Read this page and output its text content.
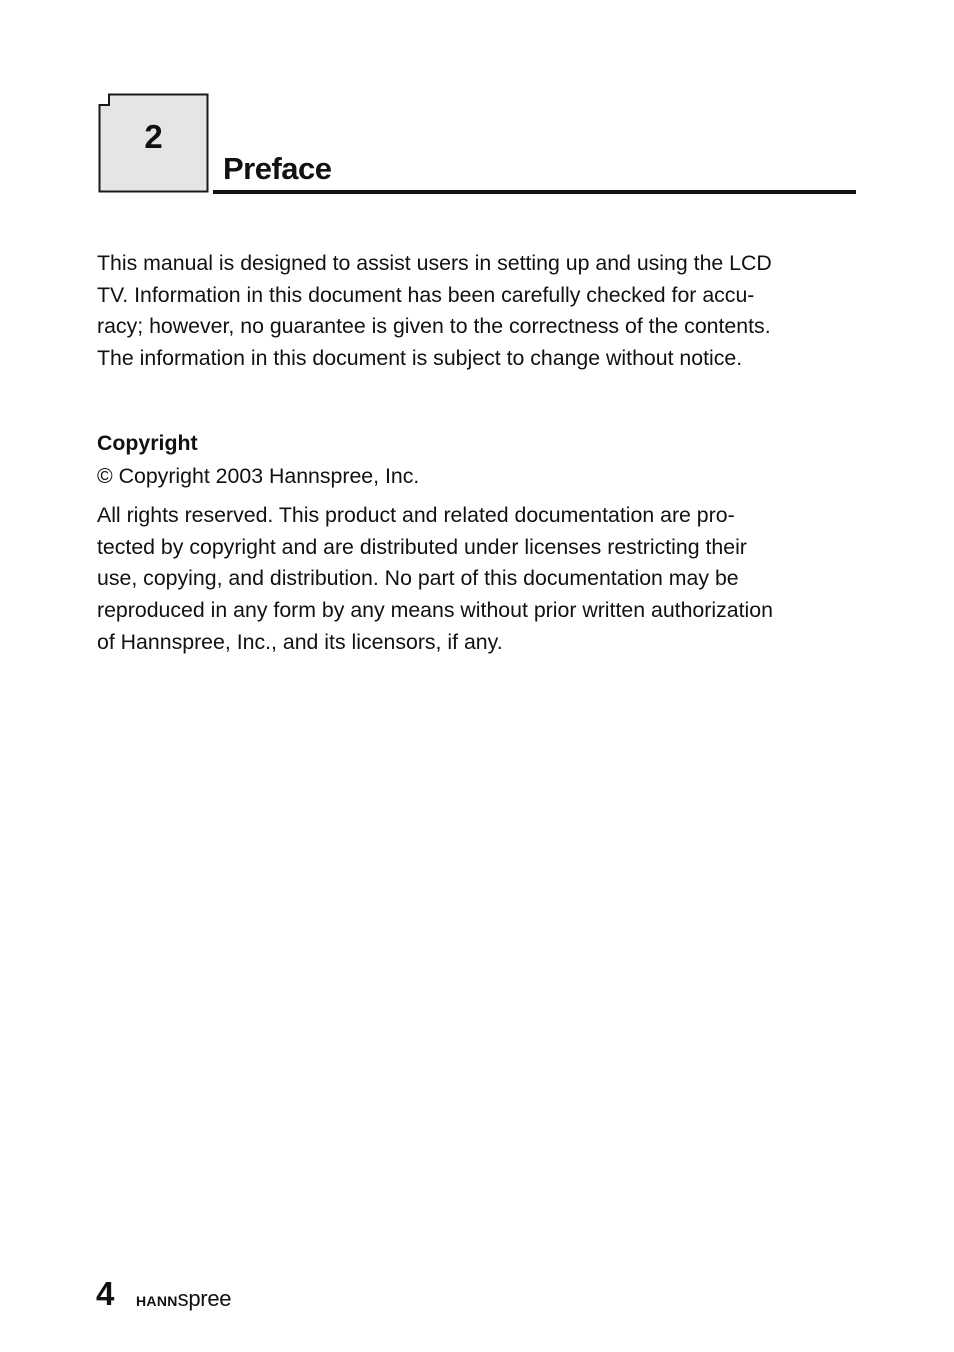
2
Preface

This manual is designed to assist users in setting up and using the LCD
TV. Information in this document has been carefully checked for accu-
racy; however, no guarantee is given to the correctness of the contents.
The information in this document is subject to change without notice.

Copyright

© Copyright 2003 Hannspree, Inc.

All rights reserved. This product and related documentation are pro-
tected by copyright and are distributed under licenses restricting their
use, copying, and distribution. No part of this documentation may be
reproduced in any form by any means without prior written authorization
of Hannspree, Inc., and its licensors, if any.

4 HANNspree
